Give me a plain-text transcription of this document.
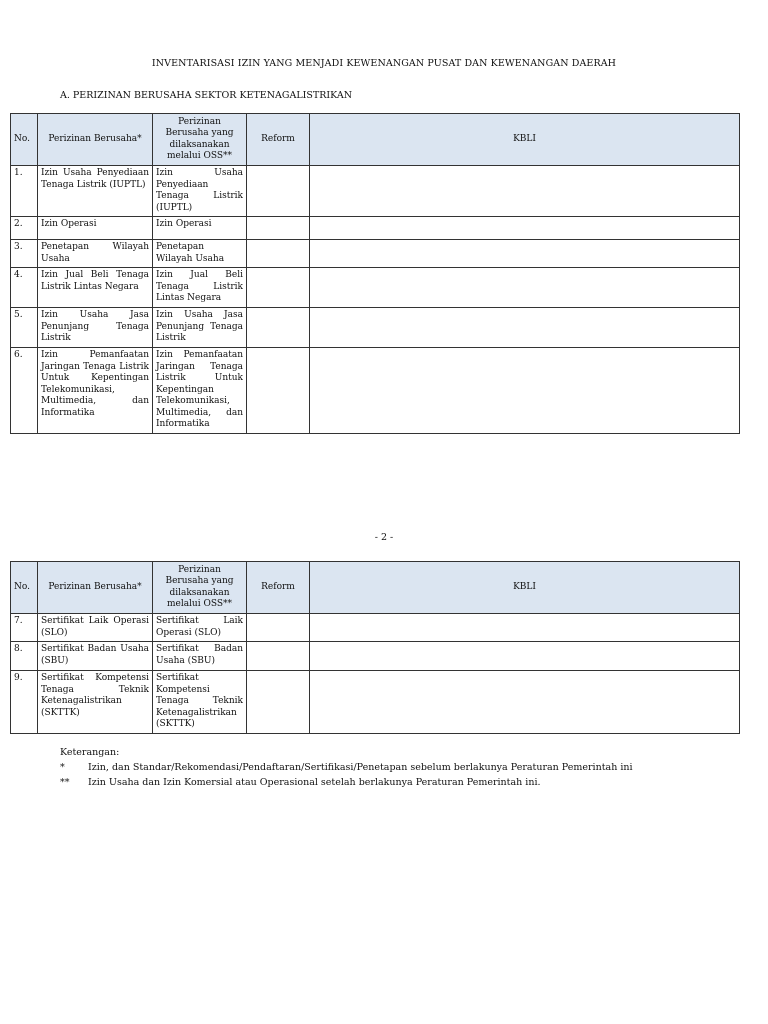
INVENTARISASI IZIN YANG MENJADI KEWENANGAN PUSAT DAN KEWENANGAN DAERAH
A. PERIZINAN BERUSAHA SEKTOR KETENAGALISTRIKAN
No.	Perizinan Berusaha*	Perizinan Berusaha yang dilaksanakan melalui OSS**	Reform	KBLI
1.	Izin Usaha Penyediaan Tenaga Listrik (IUPTL)	Izin Usaha Penyediaan Tenaga Listrik (IUPTL)		
2.	Izin Operasi	Izin Operasi		
3.	Penetapan Wilayah Usaha	Penetapan Wilayah Usaha		
4.	Izin Jual Beli Tenaga Listrik Lintas Negara	Izin Jual Beli Tenaga Listrik Lintas Negara		
5.	Izin Usaha Jasa Penunjang Tenaga Listrik	Izin Usaha Jasa Penunjang Tenaga Listrik		
6.	Izin Pemanfaatan Jaringan Tenaga Listrik Untuk Kepentingan Telekomunikasi, Multimedia, dan Informatika	Izin Pemanfaatan Jaringan Tenaga Listrik Untuk Kepentingan Telekomunikasi, Multimedia, dan Informatika		
- 2 -
No.	Perizinan Berusaha*	Perizinan Berusaha yang dilaksanakan melalui OSS**	Reform	KBLI
7.	Sertifikat Laik Operasi (SLO)	Sertifikat Laik Operasi (SLO)		
8.	Sertifikat Badan Usaha (SBU)	Sertifikat Badan Usaha (SBU)		
9.	Sertifikat Kompetensi Tenaga Teknik Ketenagalistrikan (SKTTK)	Sertifikat Kompetensi Tenaga Teknik Ketenagalistrikan (SKTTK)		
Keterangan:
*	Izin, dan Standar/Rekomendasi/Pendaftaran/Sertifikasi/Penetapan sebelum berlakunya Peraturan Pemerintah ini
**	Izin Usaha dan Izin Komersial atau Operasional setelah berlakunya Peraturan Pemerintah ini.
